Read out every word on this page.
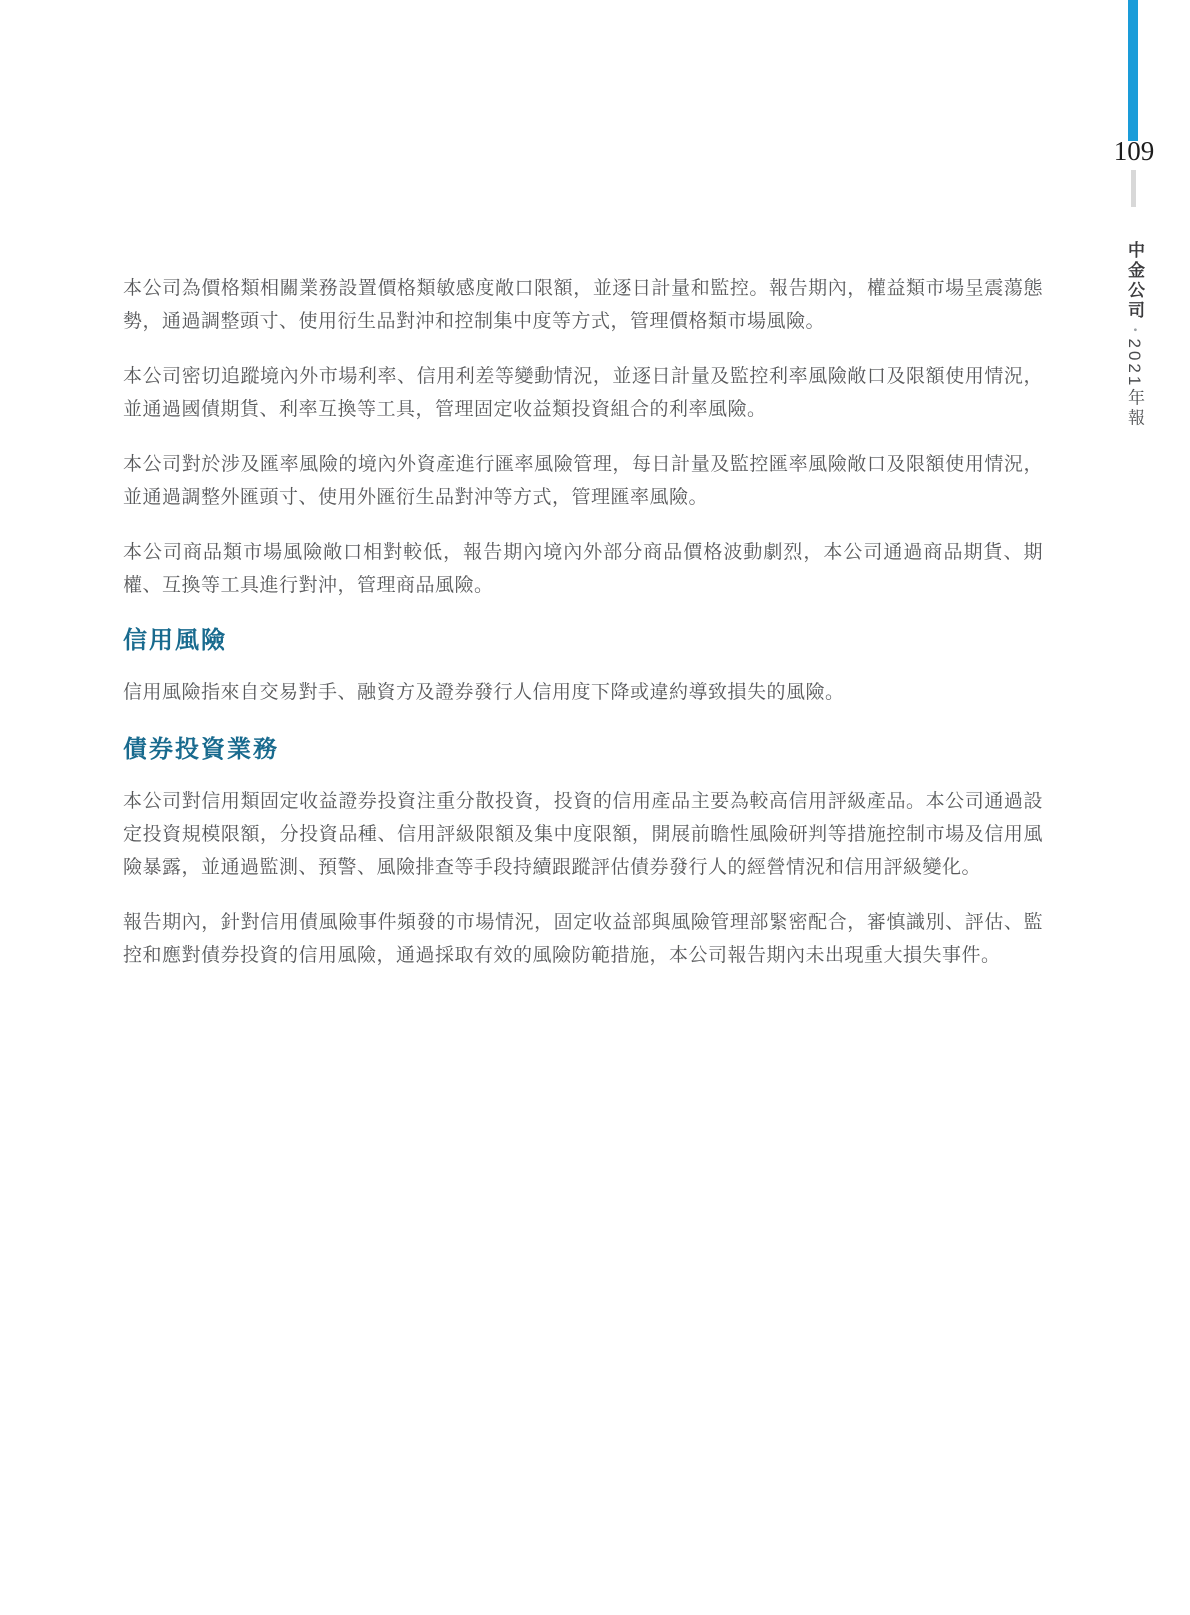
109
中金公司•2021年報

本公司為價格類相關業務設置價格類敏感度敞口限額，並逐日計量和監控。報告期內，權益類市場呈震蕩態勢，通過調整頭寸、使用衍生品對沖和控制集中度等方式，管理價格類市場風險。

本公司密切追蹤境內外市場利率、信用利差等變動情況，並逐日計量及監控利率風險敞口及限額使用情況，並通過國債期貨、利率互換等工具，管理固定收益類投資組合的利率風險。

本公司對於涉及匯率風險的境內外資產進行匯率風險管理，每日計量及監控匯率風險敞口及限額使用情況，並通過調整外匯頭寸、使用外匯衍生品對沖等方式，管理匯率風險。

本公司商品類市場風險敞口相對較低，報告期內境內外部分商品價格波動劇烈，本公司通過商品期貨、期權、互換等工具進行對沖，管理商品風險。

信用風險

信用風險指來自交易對手、融資方及證券發行人信用度下降或違約導致損失的風險。

債券投資業務

本公司對信用類固定收益證券投資注重分散投資，投資的信用產品主要為較高信用評級產品。本公司通過設定投資規模限額，分投資品種、信用評級限額及集中度限額，開展前瞻性風險研判等措施控制市場及信用風險暴露，並通過監測、預警、風險排查等手段持續跟蹤評估債券發行人的經營情況和信用評級變化。

報告期內，針對信用債風險事件頻發的市場情況，固定收益部與風險管理部緊密配合，審慎識別、評估、監控和應對債券投資的信用風險，通過採取有效的風險防範措施，本公司報告期內未出現重大損失事件。
